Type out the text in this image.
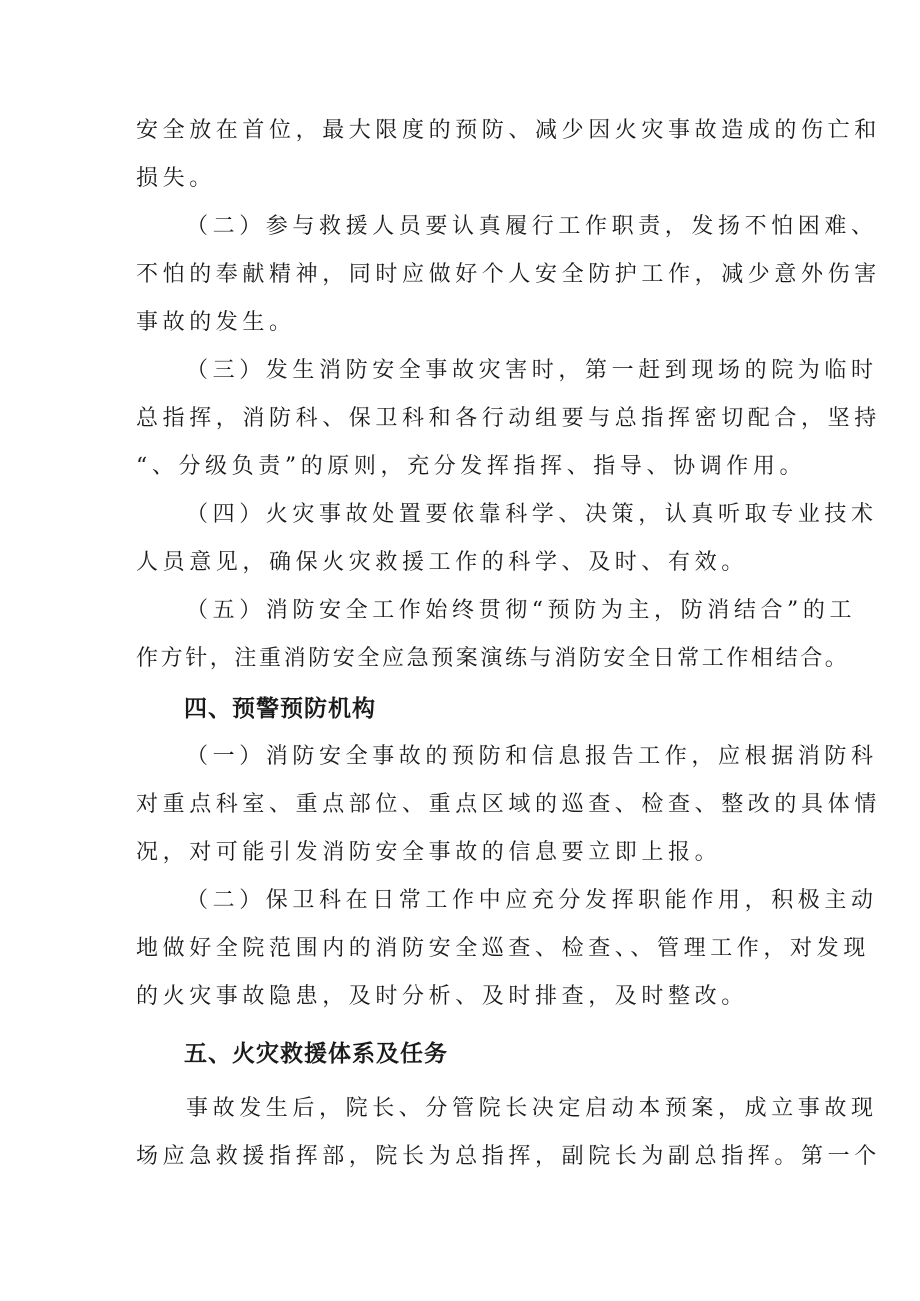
安全放在首位，最大限度的预防、减少因火灾事故造成的伤亡和
损失。
（二）参与救援人员要认真履行工作职责，发扬不怕困难、
不怕的奉献精神，同时应做好个人安全防护工作，减少意外伤害
事故的发生。
（三）发生消防安全事故灾害时，第一赶到现场的院为临时
总指挥，消防科、保卫科和各行动组要与总指挥密切配合，坚持
“、分级负责”的原则，充分发挥指挥、指导、协调作用。
（四）火灾事故处置要依靠科学、决策，认真听取专业技术
人员意见，确保火灾救援工作的科学、及时、有效。
（五）消防安全工作始终贯彻“预防为主，防消结合”的工
作方针，注重消防安全应急预案演练与消防安全日常工作相结合。
四、预警预防机构
（一）消防安全事故的预防和信息报告工作，应根据消防科
对重点科室、重点部位、重点区域的巡查、检查、整改的具体情
况，对可能引发消防安全事故的信息要立即上报。
（二）保卫科在日常工作中应充分发挥职能作用，积极主动
地做好全院范围内的消防安全巡查、检查、、管理工作，对发现
的火灾事故隐患，及时分析、及时排查，及时整改。
五、火灾救援体系及任务
事故发生后，院长、分管院长决定启动本预案，成立事故现
场应急救援指挥部，院长为总指挥，副院长为副总指挥。第一个
